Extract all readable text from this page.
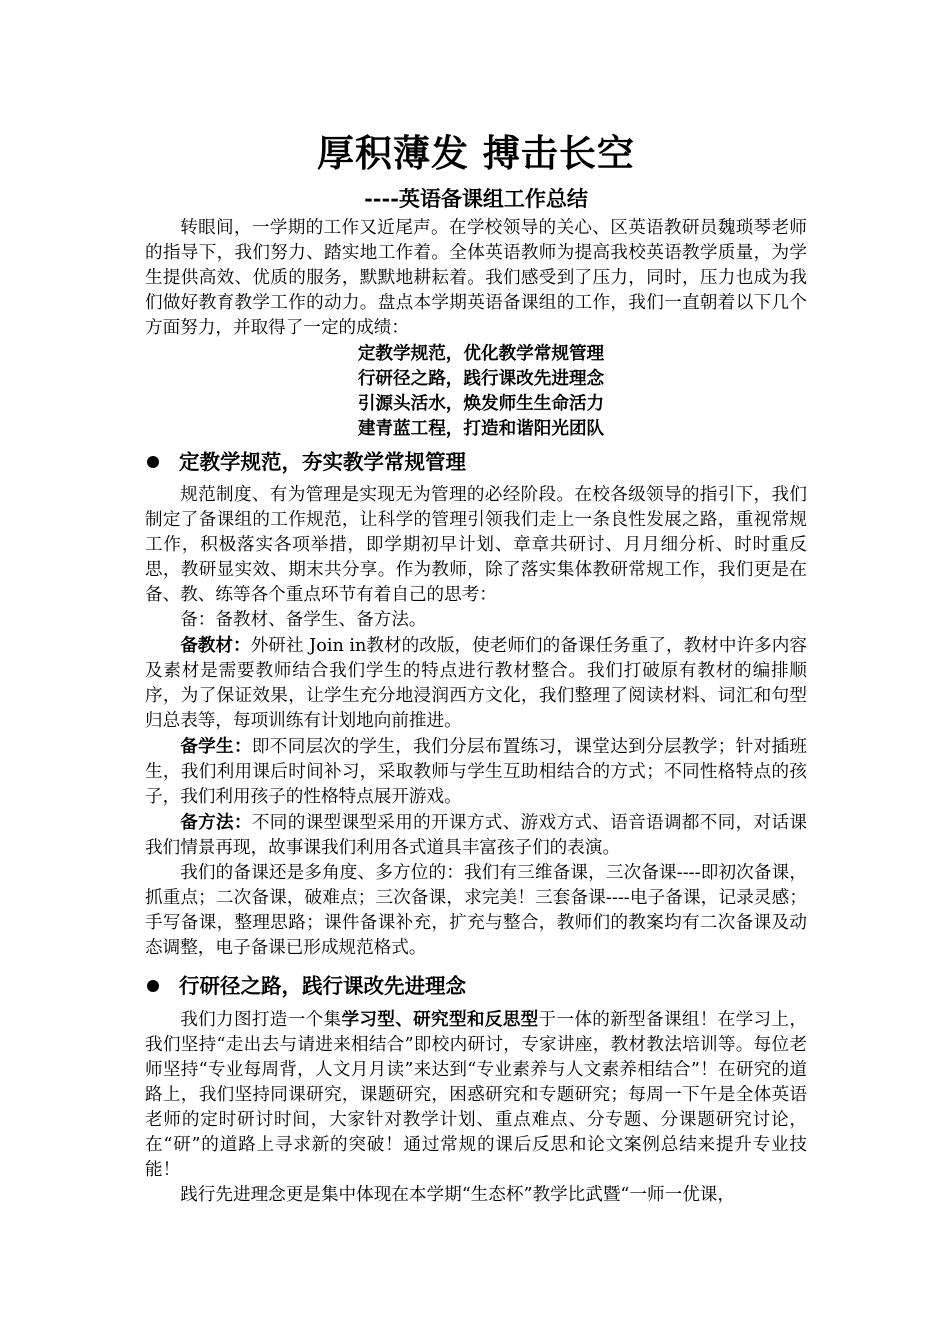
厚积薄发 搏击长空
----英语备课组工作总结

转眼间，一学期的工作又近尾声。在学校领导的关心、区英语教研员魏琐琴老师的指导下，我们努力、踏实地工作着。全体英语教师为提高我校英语教学质量，为学生提供高效、优质的服务，默默地耕耘着。我们感受到了压力，同时，压力也成为我们做好教育教学工作的动力。盘点本学期英语备课组的工作，我们一直朝着以下几个方面努力，并取得了一定的成绩：

定教学规范，优化教学常规管理
行研径之路，践行课改先进理念
引源头活水，焕发师生生命活力
建青蓝工程，打造和谐阳光团队
定教学规范，夯实教学常规管理

规范制度、有为管理是实现无为管理的必经阶段。在校各级领导的指引下，我们制定了备课组的工作规范，让科学的管理引领我们走上一条良性发展之路，重视常规工作，积极落实各项举措，即学期初早计划、章章共研讨、月月细分析、时时重反思，教研显实效、期末共分享。作为教师，除了落实集体教研常规工作，我们更是在备、教、练等各个重点环节有着自己的思考：

备：备教材、备学生、备方法。

备教材：外研社 Join in教材的改版，使老师们的备课任务重了，教材中许多内容及素材是需要教师结合我们学生的特点进行教材整合。我们打破原有教材的编排顺序，为了保证效果，让学生充分地浸润西方文化，我们整理了阅读材料、词汇和句型归总表等，每项训练有计划地向前推进。

备学生：即不同层次的学生，我们分层布置练习，课堂达到分层教学；针对插班生，我们利用课后时间补习，采取教师与学生互助相结合的方式；不同性格特点的孩子，我们利用孩子的性格特点展开游戏。

备方法：不同的课型课型采用的开课方式、游戏方式、语音语调都不同，对话课我们情景再现，故事课我们利用各式道具丰富孩子们的表演。

我们的备课还是多角度、多方位的：我们有三维备课，三次备课----即初次备课，抓重点；二次备课，破难点；三次备课，求完美！三套备课----电子备课，记录灵感；手写备课，整理思路；课件备课补充，扩充与整合，教师们的教案均有二次备课及动态调整，电子备课已形成规范格式。

行研径之路，践行课改先进理念

我们力图打造一个集学习型、研究型和反思型于一体的新型备课组！在学习上，我们坚持“走出去与请进来相结合”即校内研讨，专家讲座，教材教法培训等。每位老师坚持“专业每周背，人文月月读”来达到“专业素养与人文素养相结合”！在研究的道路上，我们坚持同课研究，课题研究，困惑研究和专题研究；每周一下午是全体英语老师的定时研讨时间，大家针对教学计划、重点难点、分专题、分课题研究讨论，在“研”的道路上寻求新的突破！通过常规的课后反思和论文案例总结来提升专业技能！

践行先进理念更是集中体现在本学期“生态杯”教学比武暨“一师一优课，
